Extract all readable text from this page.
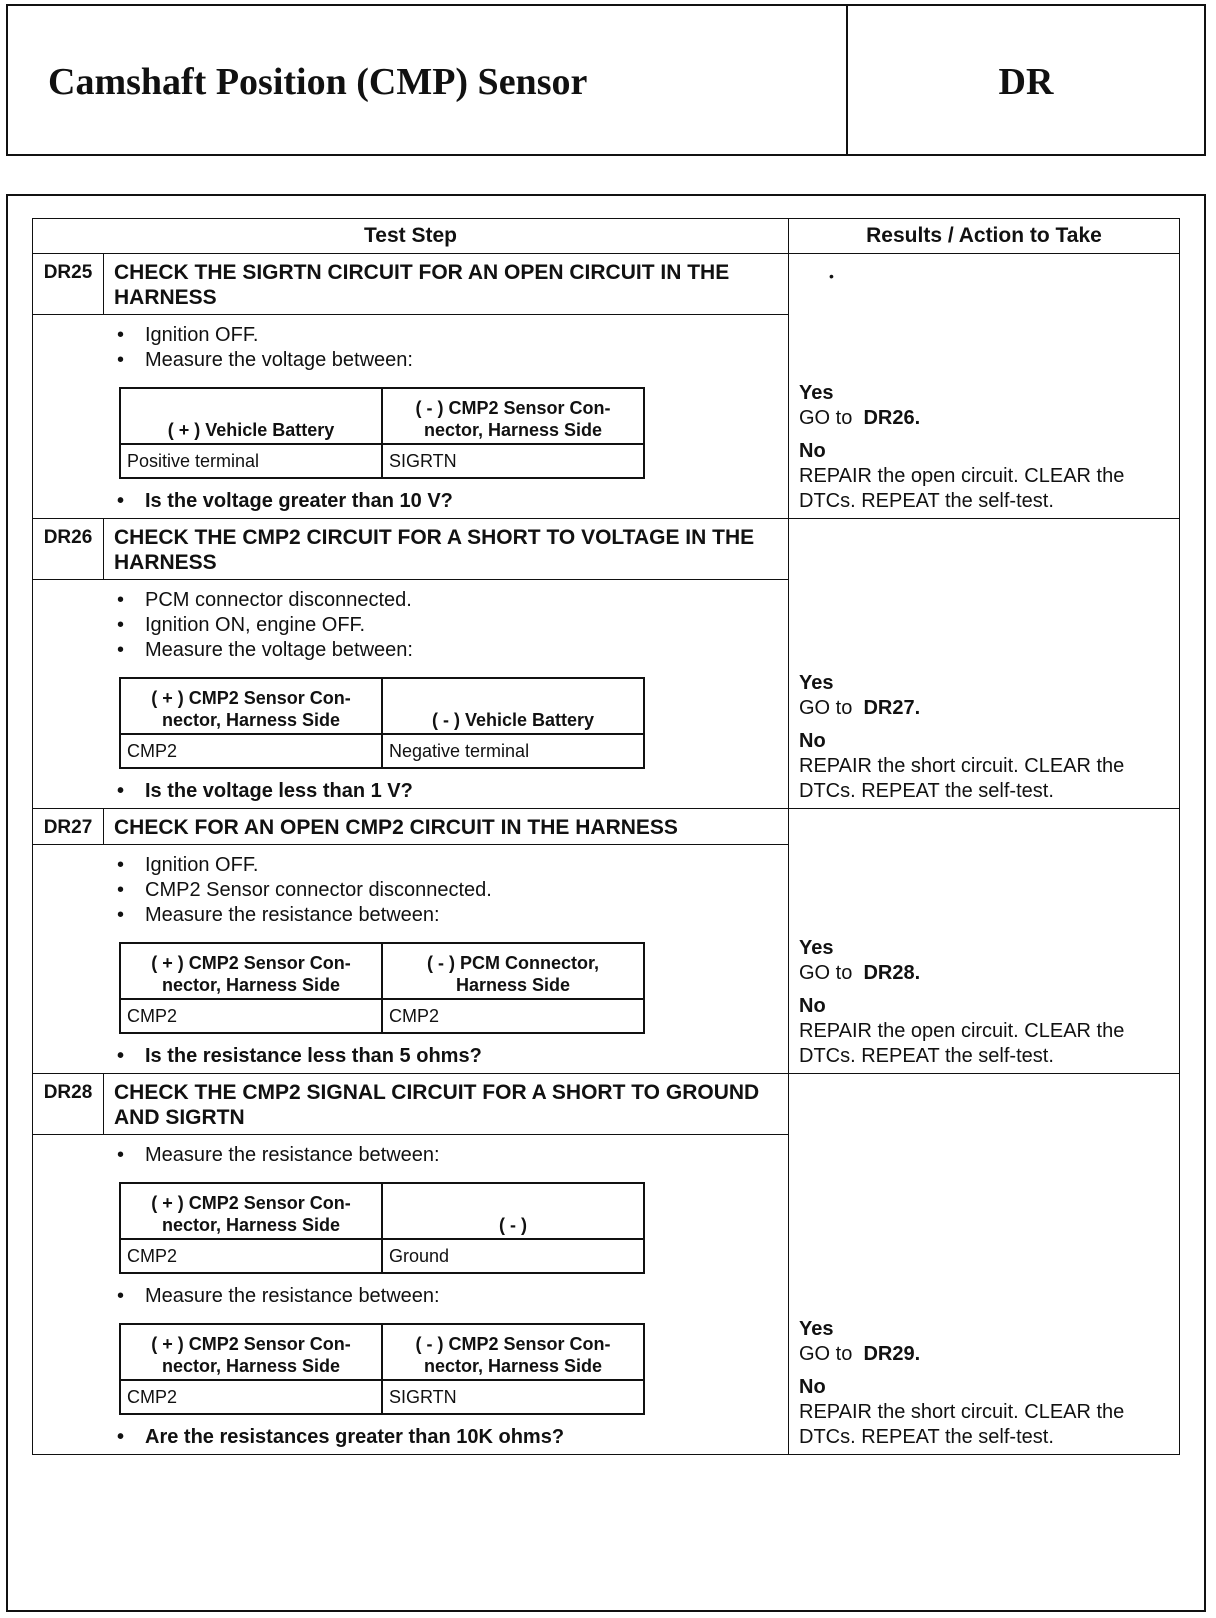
Camshaft Position (CMP) Sensor	DR
Test Step	Results / Action to Take
DR25	CHECK THE SIGRTN CIRCUIT FOR AN OPEN CIRCUIT IN THE HARNESS	
•
Yes
GO to DR26.
No
REPAIR the open circuit. CLEAR the DTCs. REPEAT the self-test.

•	Ignition OFF.
•	Measure the voltage between:
( + ) Vehicle Battery	( - ) CMP2 Sensor Con-nector, Harness Side
Positive terminal	SIGRTN
•	Is the voltage greater than 10 V?

DR26	CHECK THE CMP2 CIRCUIT FOR A SHORT TO VOLTAGE IN THE HARNESS	
Yes
GO to DR27.
No
REPAIR the short circuit. CLEAR the DTCs. REPEAT the self-test.

•	PCM connector disconnected.
•	Ignition ON, engine OFF.
•	Measure the voltage between:
( + ) CMP2 Sensor Con-nector, Harness Side	( - ) Vehicle Battery
CMP2	Negative terminal
•	Is the voltage less than 1 V?

DR27	CHECK FOR AN OPEN CMP2 CIRCUIT IN THE HARNESS	
Yes
GO to DR28.
No
REPAIR the open circuit. CLEAR the DTCs. REPEAT the self-test.

•	Ignition OFF.
•	CMP2 Sensor connector disconnected.
•	Measure the resistance between:
( + ) CMP2 Sensor Con-nector, Harness Side	( - ) PCM Connector, Harness Side
CMP2	CMP2
•	Is the resistance less than 5 ohms?

DR28	CHECK THE CMP2 SIGNAL CIRCUIT FOR A SHORT TO GROUND AND SIGRTN	
Yes
GO to DR29.
No
REPAIR the short circuit. CLEAR the DTCs. REPEAT the self-test.

•	Measure the resistance between:
( + ) CMP2 Sensor Con-nector, Harness Side	( - )
CMP2	Ground
•	Measure the resistance between:
( + ) CMP2 Sensor Con-nector, Harness Side	( - ) CMP2 Sensor Con-nector, Harness Side
CMP2	SIGRTN
•	Are the resistances greater than 10K ohms?
